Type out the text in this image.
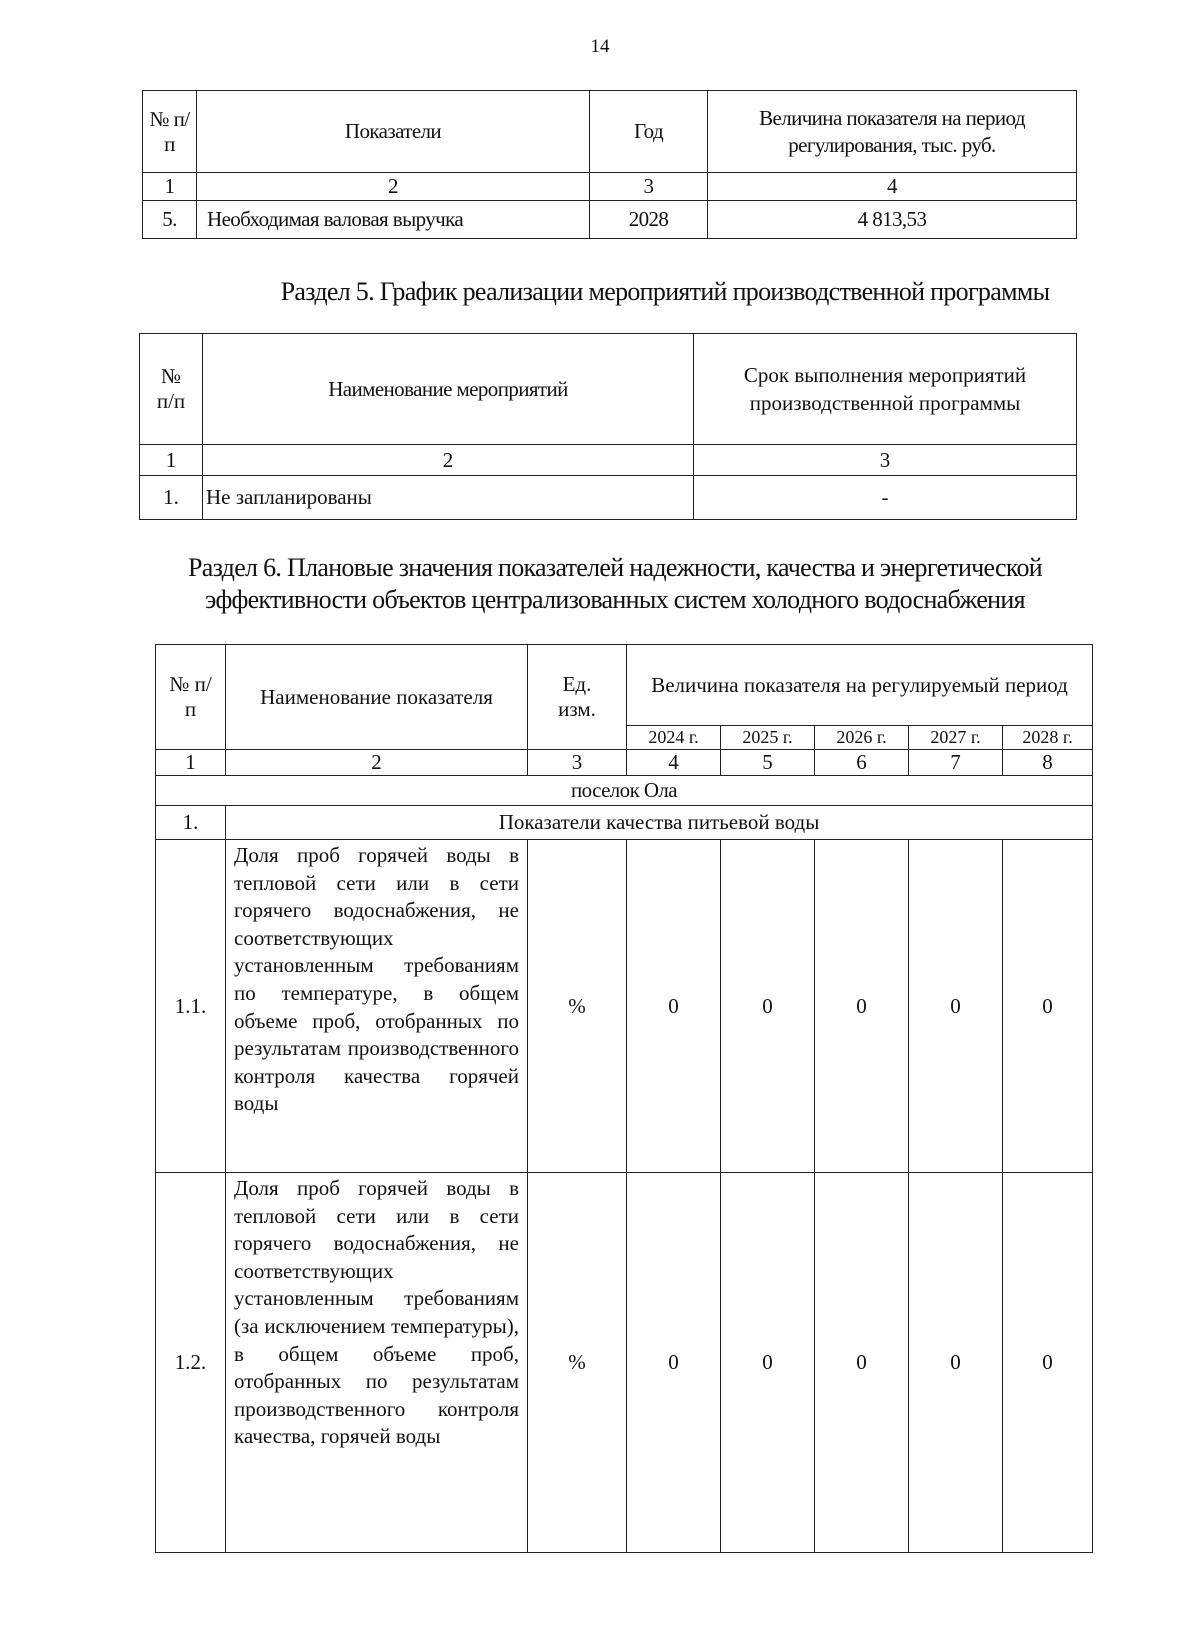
14
№ п/п	Показатели	Год	Величина показателя на период регулирования, тыс. руб.
1	2	3	4
5.	Необходимая валовая выручка	2028	4 813,53
Раздел 5. График реализации мероприятий производственной программы
№ п/п	Наименование мероприятий	Срок выполнения мероприятий производственной программы
1	2	3
1.	Не запланированы	-
Раздел 6. Плановые значения показателей надежности, качества и энергетической
эффективности объектов централизованных систем холодного водоснабжения
№ п/п	Наименование показателя	Ед. изм.	Величина показателя на регулируемый период				
			2024 г.	2025 г.	2026 г.	2027 г.	2028 г.
1	2	3	4	5	6	7	8
поселок Ола							
1.	Показатели качества питьевой воды						
1.1.	Доля проб горячей воды в тепловой сети или в сети горячего водоснабжения, не соответствующих установленным требованиям по температуре, в общем объеме проб, отобранных по результатам производственного контроля качества горячей воды	%	0	0	0	0	0
1.2.	Доля проб горячей воды в тепловой сети или в сети горячего водоснабжения, не соответствующих установленным требованиям (за исключением температуры), в общем объеме проб, отобранных по результатам производственного контроля качества, горячей воды	%	0	0	0	0	0
